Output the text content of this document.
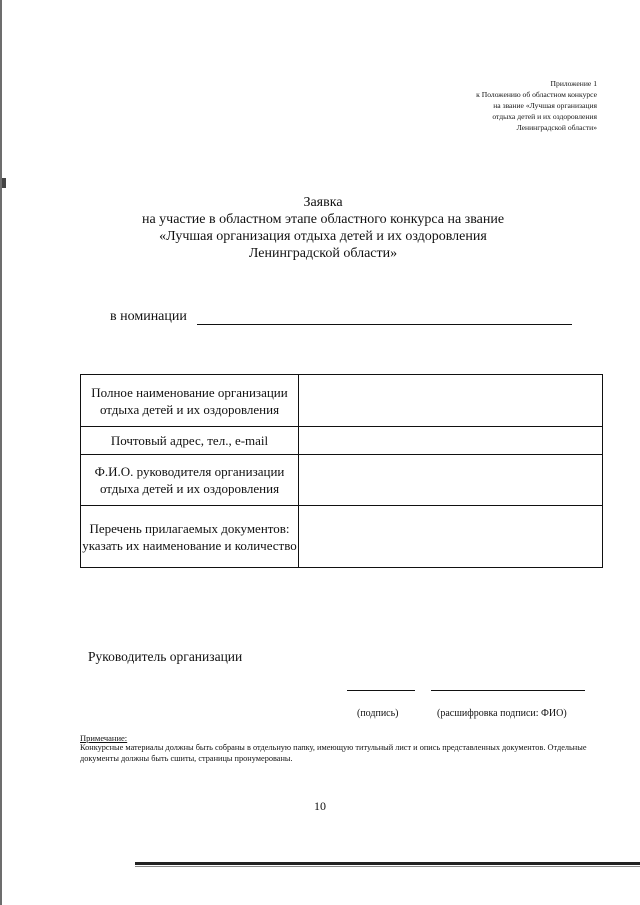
Приложение 1
к Положению об областном конкурсе
на звание «Лучшая организация
отдыха детей и их оздоровления
Ленинградской области»
Заявка
на участие в областном этапе областного конкурса на звание
«Лучшая организация отдыха детей и их оздоровления
Ленинградской области»
в номинации
Полное наименование организации отдыха детей и их оздоровления	
Почтовый адрес, тел., e-mail	
Ф.И.О. руководителя организации отдыха детей и их оздоровления	
Перечень прилагаемых документов: указать их наименование и количество	
Руководитель организации
(подпись)	(расшифровка подписи: ФИО)
Примечание:
Конкурсные материалы должны быть собраны в отдельную папку, имеющую титульный лист и опись представленных документов. Отдельные документы должны быть сшиты, страницы пронумерованы.
10
